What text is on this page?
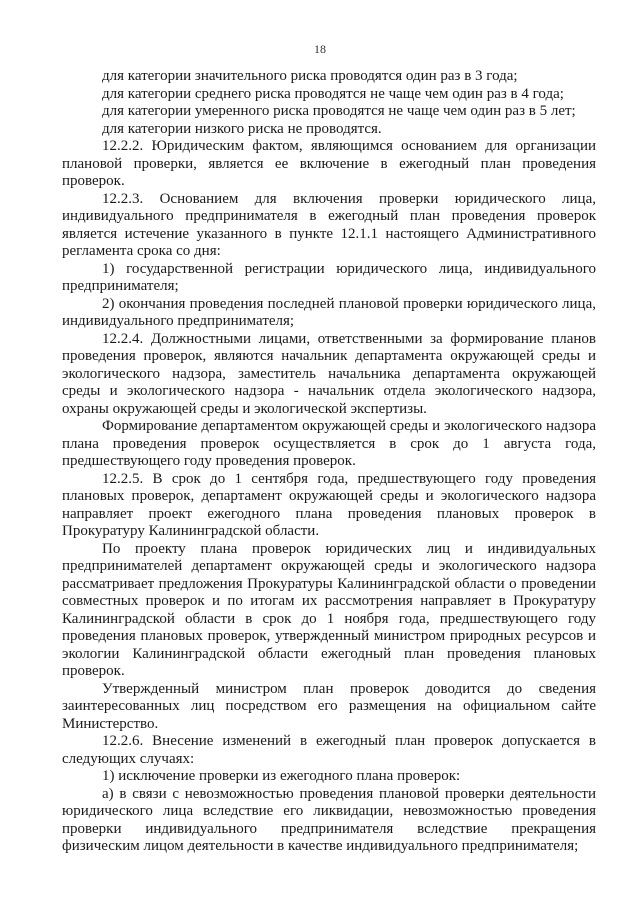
18

для категории значительного риска проводятся один раз в 3 года;

для категории среднего риска проводятся не чаще чем один раз в 4 года;

для категории умеренного риска проводятся не чаще чем один раз в 5 лет;

для категории низкого риска не проводятся.

12.2.2. Юридическим фактом, являющимся основанием для организации плановой проверки, является ее включение в ежегодный план проведения проверок.

12.2.3. Основанием для включения проверки юридического лица, индивидуального предпринимателя в ежегодный план проведения проверок является истечение указанного в пункте 12.1.1 настоящего Административного регламента срока со дня:

1) государственной регистрации юридического лица, индивидуального предпринимателя;

2) окончания проведения последней плановой проверки юридического лица, индивидуального предпринимателя;

12.2.4. Должностными лицами, ответственными за формирование планов проведения проверок, являются начальник департамента окружающей среды и экологического надзора, заместитель начальника департамента окружающей среды и экологического надзора - начальник отдела экологического надзора, охраны окружающей среды и экологической экспертизы.

Формирование департаментом окружающей среды и экологического надзора плана проведения проверок осуществляется в срок до 1 августа года, предшествующего году проведения проверок.

12.2.5. В срок до 1 сентября года, предшествующего году проведения плановых проверок, департамент окружающей среды и экологического надзора направляет проект ежегодного плана проведения плановых проверок в Прокуратуру Калининградской области.

По проекту плана проверок юридических лиц и индивидуальных предпринимателей департамент окружающей среды и экологического надзора рассматривает предложения Прокуратуры Калининградской области о проведении совместных проверок и по итогам их рассмотрения направляет в Прокуратуру Калининградской области в срок до 1 ноября года, предшествующего году проведения плановых проверок, утвержденный министром природных ресурсов и экологии Калининградской области ежегодный план проведения плановых проверок.

Утвержденный министром план проверок доводится до сведения заинтересованных лиц посредством его размещения на официальном сайте Министерство.

12.2.6. Внесение изменений в ежегодный план проверок допускается в следующих случаях:

1) исключение проверки из ежегодного плана проверок:

а) в связи с невозможностью проведения плановой проверки деятельности юридического лица вследствие его ликвидации, невозможностью проведения проверки индивидуального предпринимателя вследствие прекращения физическим лицом деятельности в качестве индивидуального предпринимателя;
